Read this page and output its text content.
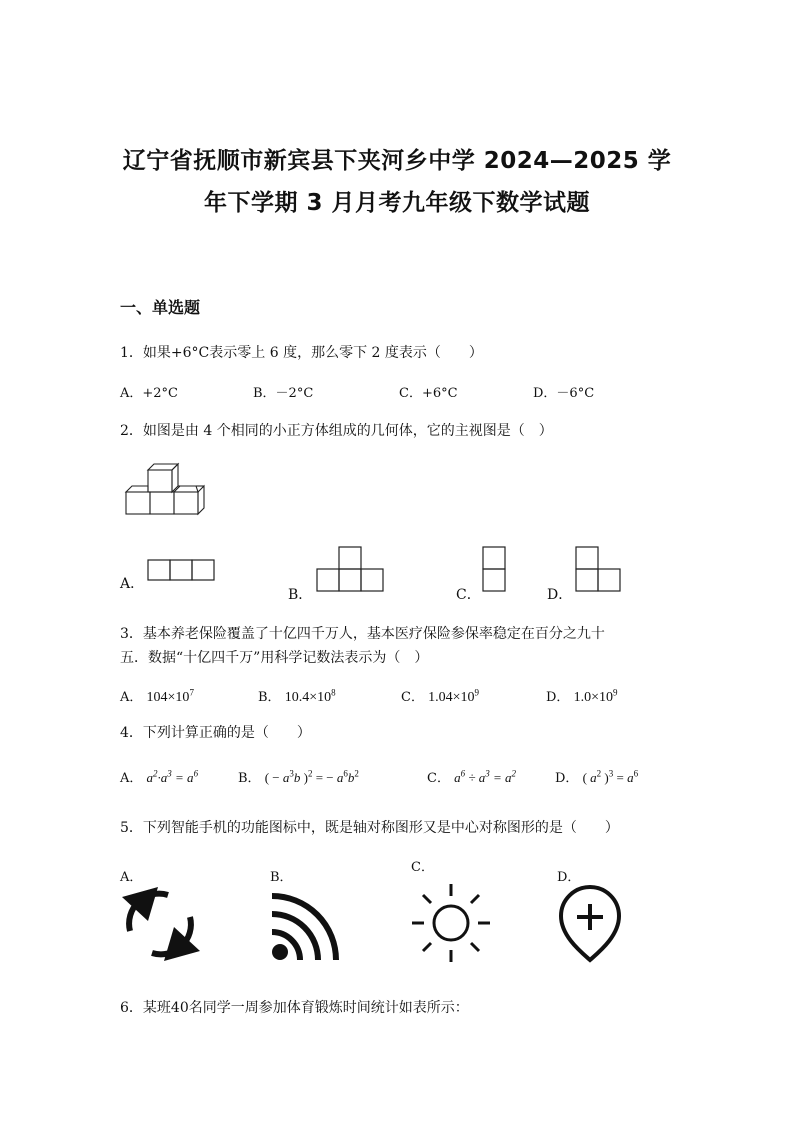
辽宁省抚顺市新宾县下夹河乡中学 2024—2025 学
年下学期 3 月月考九年级下数学试题
一、单选题
1．如果+6°C表示零上 6 度，那么零下 2 度表示（　　）
A．+2°C	B．－2°C	C．+6°C	D．－6°C
2．如图是由 4 个相同的小正方体组成的几何体，它的主视图是（　）
A．
B．	C．	D．
3．基本养老保险覆盖了十亿四千万人，基本医疗保险参保率稳定在百分之九十
五．数据“十亿四千万”用科学记数法表示为（　）
A． $104\times 10^7$	B． $10.4\times 10^8$	C． $1.04\times 10^9$	D． $1.0\times 10^9$
4．下列计算正确的是（　　）
A． $a^2\cdot a^3 = a^6$	B． ( − $a^3b$ )$^2$ = − $a^6b^2$	C． $a^6 \div a^3 = a^2$	D． ( $a^2$ )$^3 = a^6$
5．下列智能手机的功能图标中，既是轴对称图形又是中心对称图形的是（　　）
A．	B．
C．
D．
6．某班40名同学一周参加体育锻炼时间统计如表所示：
